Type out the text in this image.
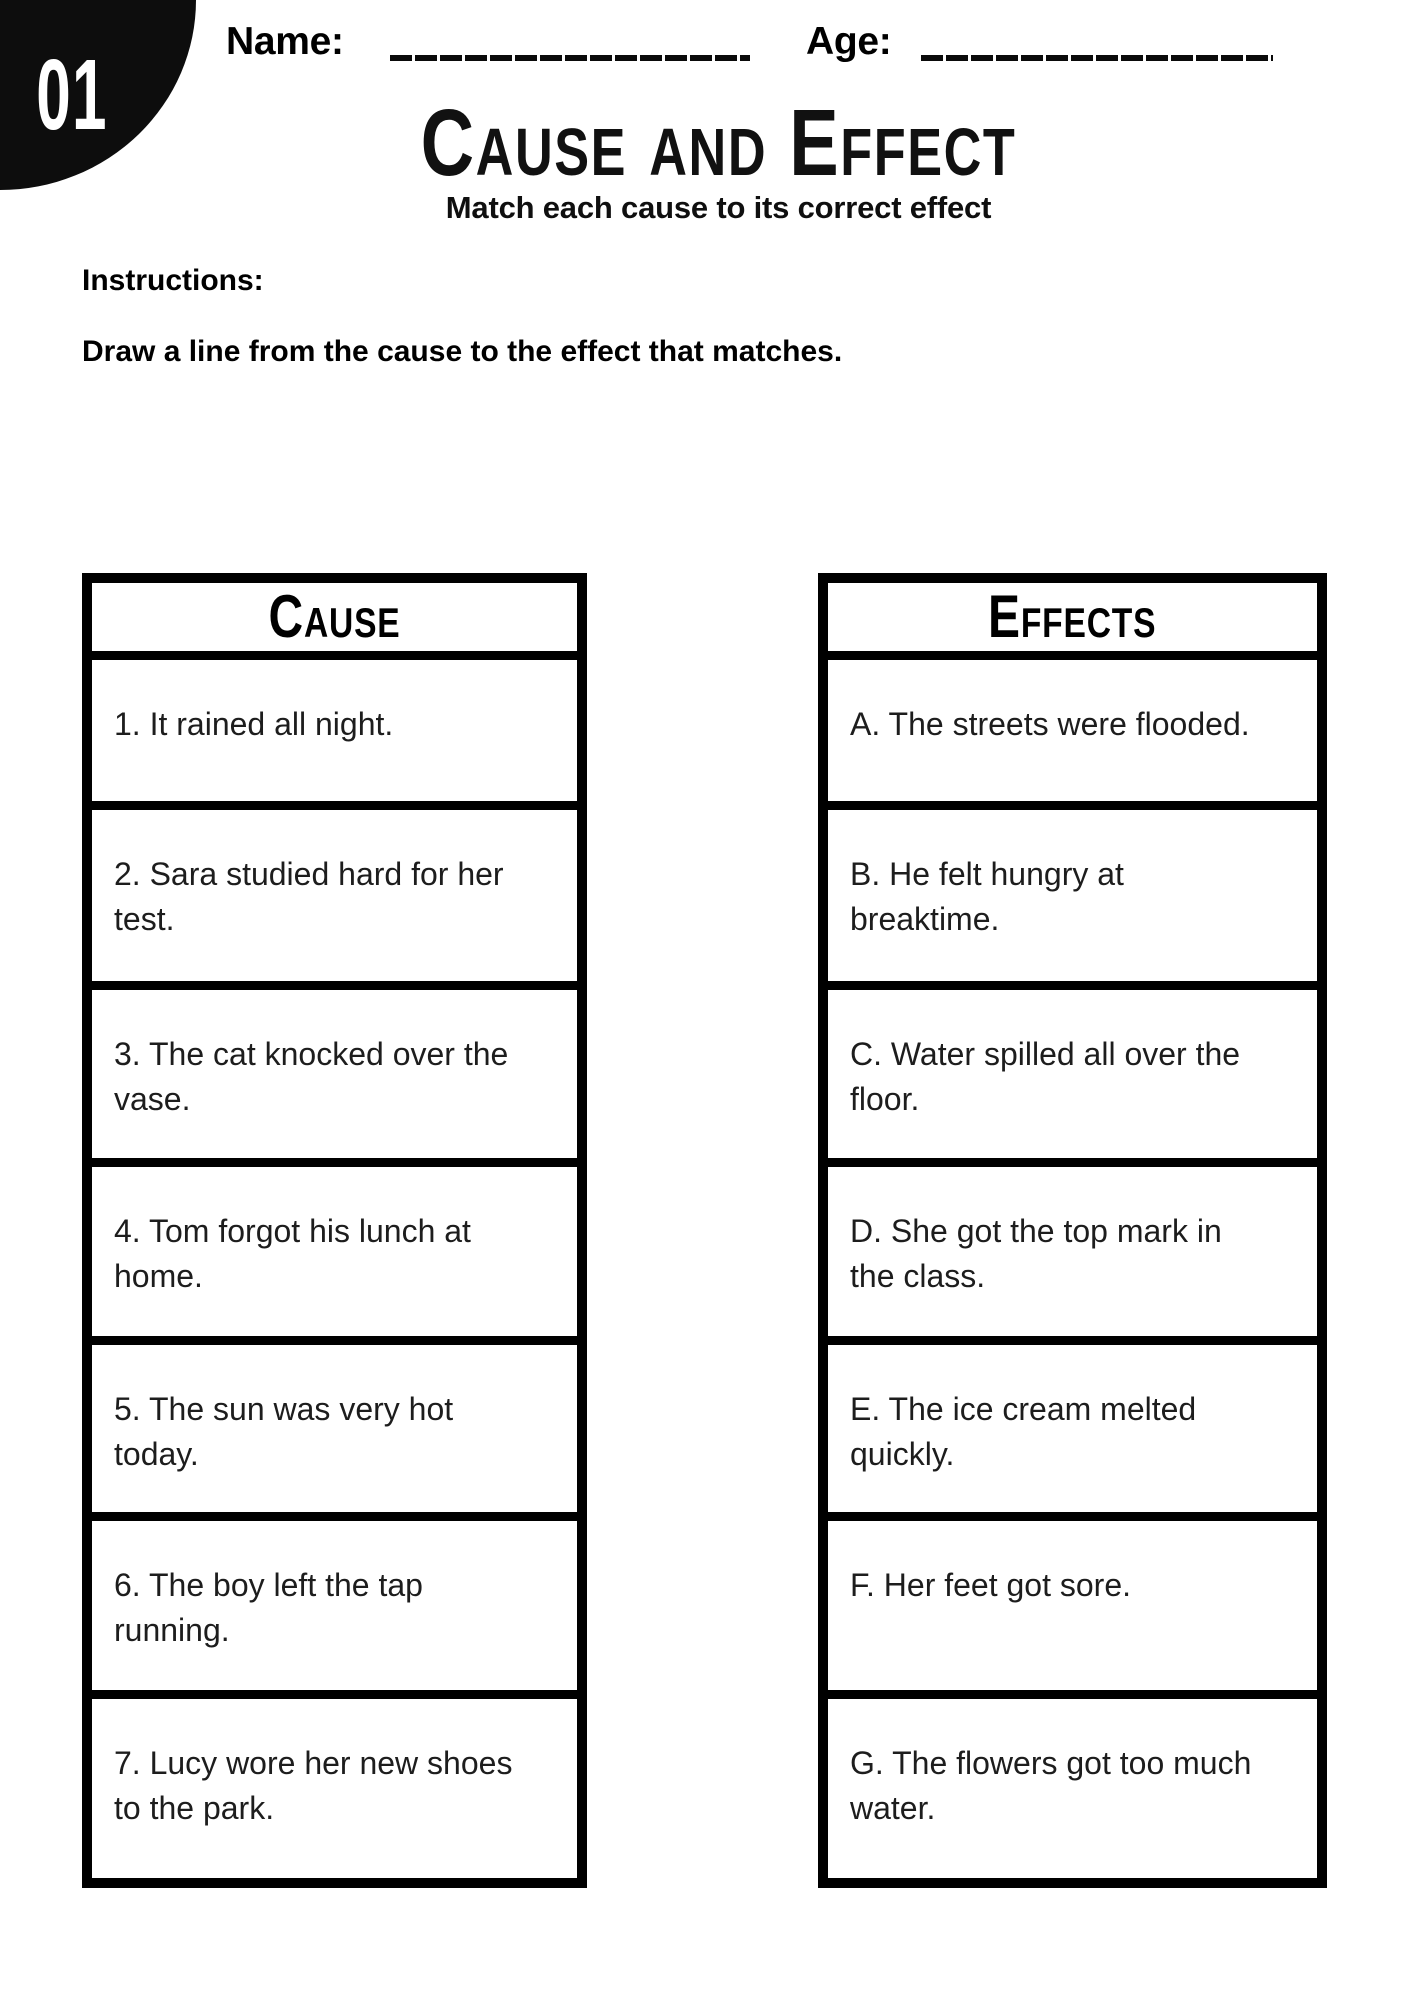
01	Name:	Age:
Cause and Effect
Match each cause to its correct effect
Instructions:
Draw a line from the cause to the effect that matches.
Cause

1. It rained all night.

2. Sara studied hard for her test.

3. The cat knocked over the vase.

4. Tom forgot his lunch at home.

5. The sun was very hot today.

6. The boy left the tap running.

7. Lucy wore her new shoes to the park.

Effects

A. The streets were flooded.

B. He felt hungry at breaktime.

C. Water spilled all over the floor.

D. She got the top mark in the class.

E. The ice cream melted quickly.

F. Her feet got sore.

G. The flowers got too much water.
